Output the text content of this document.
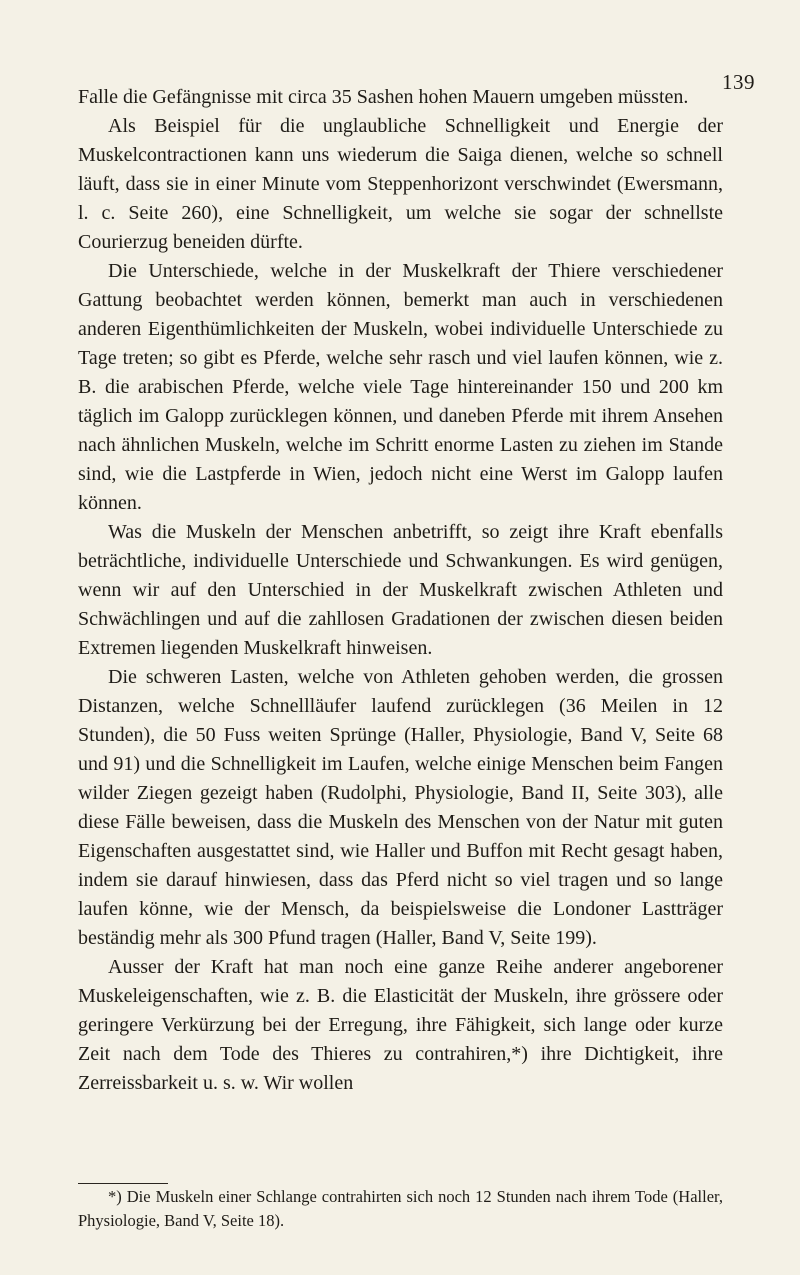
139

Falle die Gefängnisse mit circa 35 Sashen hohen Mauern umgeben müssten.

Als Beispiel für die unglaubliche Schnelligkeit und Energie der Muskelcontractionen kann uns wiederum die Saiga dienen, welche so schnell läuft, dass sie in einer Minute vom Steppenhorizont verschwindet (Ewersmann, l. c. Seite 260), eine Schnelligkeit, um welche sie sogar der schnellste Courierzug beneiden dürfte.

Die Unterschiede, welche in der Muskelkraft der Thiere verschiedener Gattung beobachtet werden können, bemerkt man auch in verschiedenen anderen Eigenthümlichkeiten der Muskeln, wobei individuelle Unterschiede zu Tage treten; so gibt es Pferde, welche sehr rasch und viel laufen können, wie z. B. die arabischen Pferde, welche viele Tage hintereinander 150 und 200 km täglich im Galopp zurücklegen können, und daneben Pferde mit ihrem Ansehen nach ähnlichen Muskeln, welche im Schritt enorme Lasten zu ziehen im Stande sind, wie die Lastpferde in Wien, jedoch nicht eine Werst im Galopp laufen können.

Was die Muskeln der Menschen anbetrifft, so zeigt ihre Kraft ebenfalls beträchtliche, individuelle Unterschiede und Schwankungen. Es wird genügen, wenn wir auf den Unterschied in der Muskelkraft zwischen Athleten und Schwächlingen und auf die zahllosen Gradationen der zwischen diesen beiden Extremen liegenden Muskelkraft hinweisen.

Die schweren Lasten, welche von Athleten gehoben werden, die grossen Distanzen, welche Schnellläufer laufend zurücklegen (36 Meilen in 12 Stunden), die 50 Fuss weiten Sprünge (Haller, Physiologie, Band V, Seite 68 und 91) und die Schnelligkeit im Laufen, welche einige Menschen beim Fangen wilder Ziegen gezeigt haben (Rudolphi, Physiologie, Band II, Seite 303), alle diese Fälle beweisen, dass die Muskeln des Menschen von der Natur mit guten Eigenschaften ausgestattet sind, wie Haller und Buffon mit Recht gesagt haben, indem sie darauf hinwiesen, dass das Pferd nicht so viel tragen und so lange laufen könne, wie der Mensch, da beispielsweise die Londoner Lastträger beständig mehr als 300 Pfund tragen (Haller, Band V, Seite 199).

Ausser der Kraft hat man noch eine ganze Reihe anderer angeborener Muskeleigenschaften, wie z. B. die Elasticität der Muskeln, ihre grössere oder geringere Verkürzung bei der Erregung, ihre Fähigkeit, sich lange oder kurze Zeit nach dem Tode des Thieres zu contrahiren,*) ihre Dichtigkeit, ihre Zerreissbarkeit u. s. w. Wir wollen

*) Die Muskeln einer Schlange contrahirten sich noch 12 Stunden nach ihrem Tode (Haller, Physiologie, Band V, Seite 18).
